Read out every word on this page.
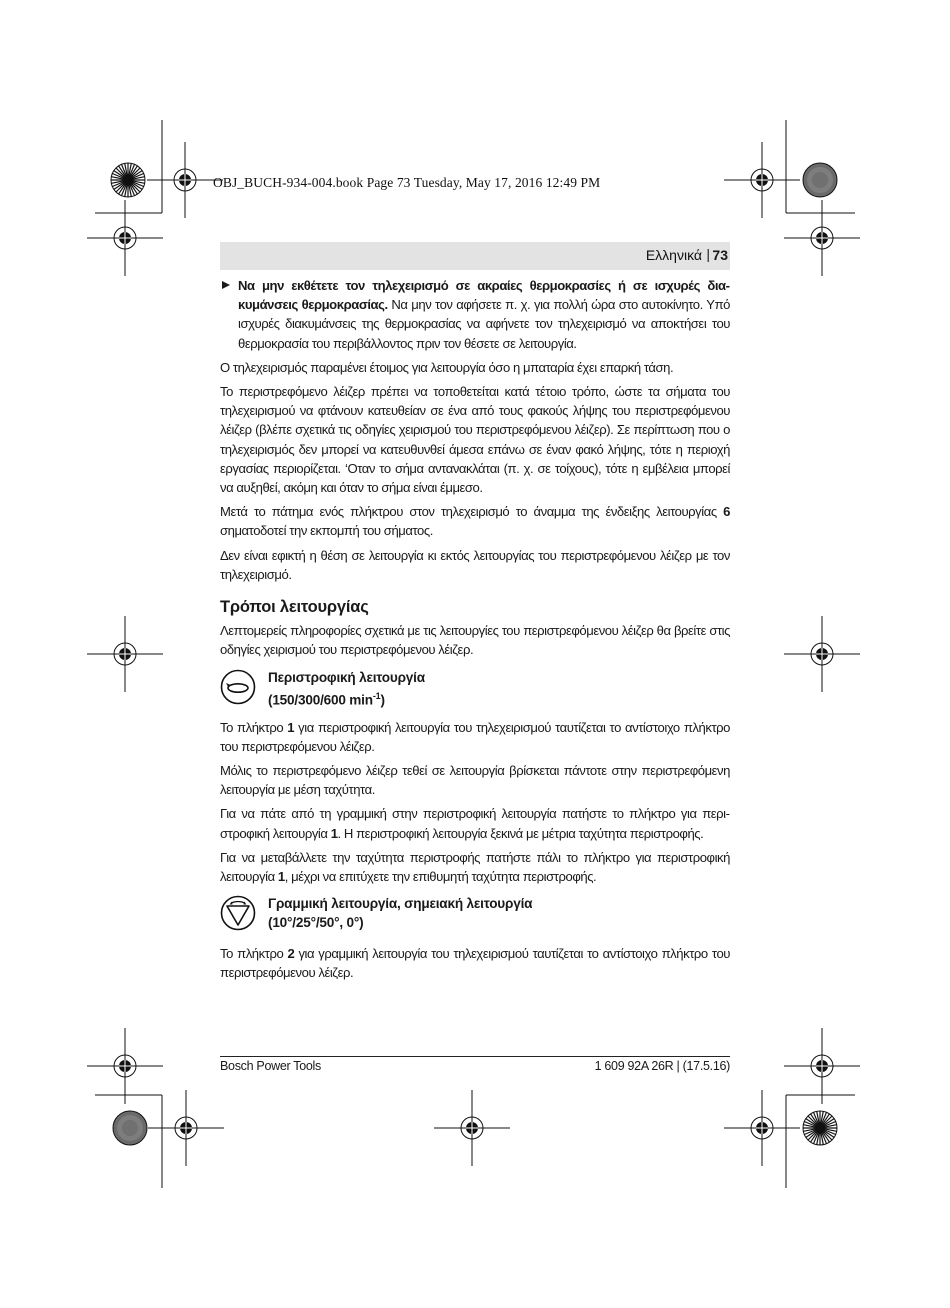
OBJ_BUCH-934-004.book Page 73 Tuesday, May 17, 2016 12:49 PM
Ελληνικά | 73

Να μην εκθέτετε τον τηλεχειρισμό σε ακραίες θερμοκρασίες ή σε ισχυρές διακυμάνσεις θερμοκρασίας. Να μην τον αφήσετε π. χ. για πολλή ώρα στο αυτοκίνητο. Υπό ισχυρές διακυμάνσεις της θερμοκρασίας να αφήνετε τον τηλεχειρισμό να αποκτήσει του θερμοκρασία του περιβάλλοντος πριν τον θέσετε σε λειτουργία.

Ο τηλεχειρισμός παραμένει έτοιμος για λειτουργία όσο η μπαταρία έχει επαρκή τάση.

Το περιστρεφόμενο λέιζερ πρέπει να τοποθετείται κατά τέτοιο τρόπο, ώστε τα σήματα του τηλεχειρισμού να φτάνουν κατευθείαν σε ένα από τους φακούς λήψης του περιστρεφόμενου λέιζερ (βλέπε σχετικά τις οδηγίες χειρισμού του περιστρεφόμενου λέιζερ). Σε περίπτωση που ο τηλεχειρισμός δεν μπορεί να κατευθυνθεί άμεσα επάνω σε έναν φακό λήψης, τότε η περιοχή εργασίας περιορίζεται. ‘Οταν το σήμα αντανακλάται (π. χ. σε τοίχους), τότε η εμβέλεια μπορεί να αυξηθεί, ακόμη και όταν το σήμα είναι έμμεσο.

Μετά το πάτημα ενός πλήκτρου στον τηλεχειρισμό το άναμμα της ένδειξης λειτουργίας 6 σηματοδοτεί την εκπομπή του σήματος.

Δεν είναι εφικτή η θέση σε λειτουργία κι εκτός λειτουργίας του περιστρεφόμενου λέιζερ με τον τηλεχειρισμό.

Τρόποι λειτουργίας

Λεπτομερείς πληροφορίες σχετικά με τις λειτουργίες του περιστρεφόμενου λέιζερ θα βρείτε στις οδηγίες χειρισμού του περιστρεφόμενου λέιζερ.

Περιστροφική λειτουργία
(150/300/600 $\min^{-1}$)

Το πλήκτρο 1 για περιστροφική λειτουργία του τηλεχειρισμού ταυτίζεται το αντίστοιχο πλήκτρο του περιστρεφόμενου λέιζερ.

Μόλις το περιστρεφόμενο λέιζερ τεθεί σε λειτουργία βρίσκεται πάντοτε στην περιστρεφόμενη λειτουργία με μέση ταχύτητα.

Για να πάτε από τη γραμμική στην περιστροφική λειτουργία πατήστε το πλήκτρο για περιστροφική λειτουργία 1. Η περιστροφική λειτουργία ξεκινά με μέτρια ταχύτητα περιστροφής.

Για να μεταβάλλετε την ταχύτητα περιστροφής πατήστε πάλι το πλήκτρο για περιστροφική λειτουργία 1, μέχρι να επιτύχετε την επιθυμητή ταχύτητα περιστροφής.

Γραμμική λειτουργία, σημειακή λειτουργία
(10°/25°/50°, 0°)

Το πλήκτρο 2 για γραμμική λειτουργία του τηλεχειρισμού ταυτίζεται το αντίστοιχο πλήκτρο του περιστρεφόμενου λέιζερ.

Bosch Power Tools	1 609 92A 26R | (17.5.16)
